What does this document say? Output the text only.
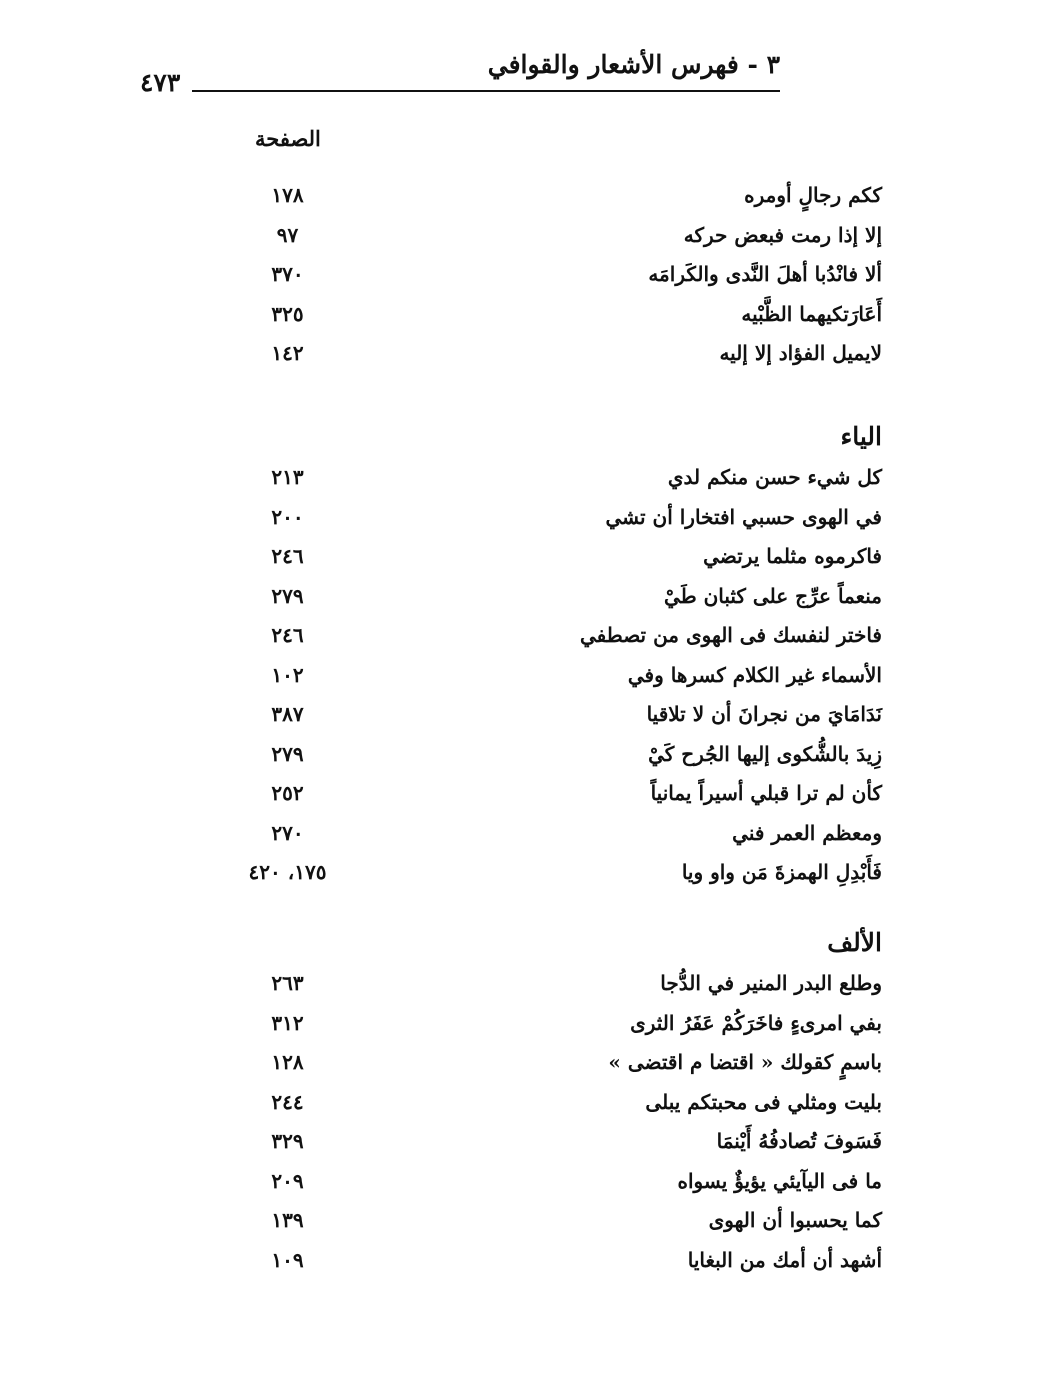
٣ - فهرس الأشعار والقوافي
٤٧٣
الصفحة
ككم رجالٍ أومره
١٧٨
إلا إذا رمت فبعض حركه
٩٧
ألا فانْدُبا أهلَ النَّدى والكَرامَه
٣٧٠
أَعَارَتكيهما الظَّبْيه
٣٢٥
لايميل الفؤاد إلا إليه
١٤٢
الياء
كل شيء حسن منكم لدي
٢١٣
في الهوى حسبي افتخارا أن تشي
٢٠٠
فاكرموه مثلما يرتضي
٢٤٦
منعماً عرِّج على كثبان طَيْ
٢٧٩
فاختر لنفسك فى الهوى من تصطفي
٢٤٦
الأسماء غير الكلام كسرها وفي
١٠٢
نَدَامَايَ من نجرانَ أن لا تلاقيا
٣٨٧
زِيدَ بالشُّكوى إليها الجُرح كَيْ
٢٧٩
كأن لم ترا قبلي أسيراً يمانياً
٢٥٢
ومعظم العمر فني
٢٧٠
فَأَبْدِلِ الهمزةَ مَن واو ويا
١٧٥، ٤٢٠
الألف
وطلع البدر المنير في الدُّجا
٢٦٣
بفي امرىءٍ فاخَرَكُمْ عَفَرُ الثرى
٣١٢
باسمٍ كقولك « اقتضا م اقتضى »
١٢٨
بليت ومثلي فى محبتكم يبلى
٢٤٤
فَسَوفَ تُصادفُهُ أَيْنمَا
٣٢٩
ما فى اليآيئي يؤيؤٌ يسواه
٢٠٩
كما يحسبوا أن الهوى
١٣٩
أشهد أن أمك من البغايا
١٠٩
